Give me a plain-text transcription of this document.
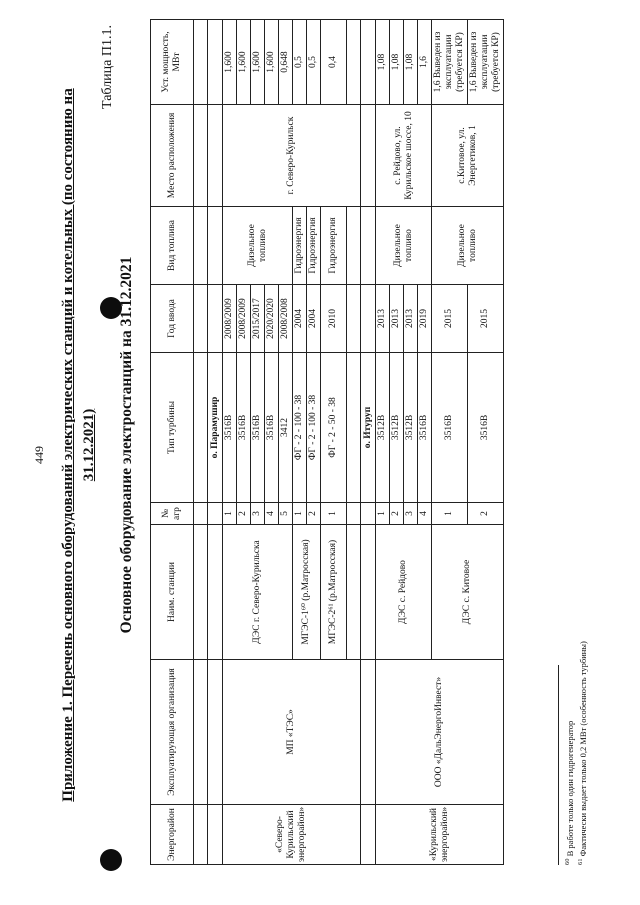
449 Приложение 1. Перечень основного оборудований электрических станций и котельных (по состоянию на 31.12.2021)
Таблица П1.1.
Основное оборудование электростанций на 31.12.2021
Энергорайон	Эксплуатирующая организация	Наим. станции	№ агр	Тип турбины	Год ввода	Вид топлива	Место расположения	Уст. мощность, МВт

				о. Парамушир				
«Северо-Курильский энергорайон»	МП «ТЭС»	ДЭС г. Северо-Курильска	1	3516B	2008/2009	Дизельное топливо	г. Северо-Курильск	1,600
			2	3516B	2008/2009			1,600
			3	3516B	2015/2017			1,600
			4	3516B	2020/2020			1,600
			5	3412	2008/2008			0,648
		МГЭС-1⁶⁰ (р.Матросская)	1	ФГ - 2 - 100 - 38	2004	Гидроэнергия		0,5
			2	ФГ - 2 - 100 - 38	2004	Гидроэнергия		0,5
		МГЭС-2⁶¹ (р.Матросская)	1	ФГ - 2 - 50 - 38	2010	Гидроэнергия		0,4

				о. Итуруп				
«Курильский энергорайон»	ООО «ДальЭнергоИнвест»	ДЭС с. Рейдово	1	3512B	2013	Дизельное топливо	с. Рейдово, ул. Курильское шоссе, 10	1,08
			2	3512B	2013			1,08
			3	3512B	2013			1,08
			4	3516B	2019			1,6
		ДЭС с. Китовое	1	3516B	2015	Дизельное топливо	с.Китовое, ул. Энергетиков, 1	1,6 Выведен из эксплуатации (требуется КР)
			2	3516B	2015			1,6 Выведен из эксплуатации (требуется КР)
$^{60}$ В работе только один гидрогенератор
$^{61}$ Фактически выдает только 0,2 МВт (особенность турбины)
